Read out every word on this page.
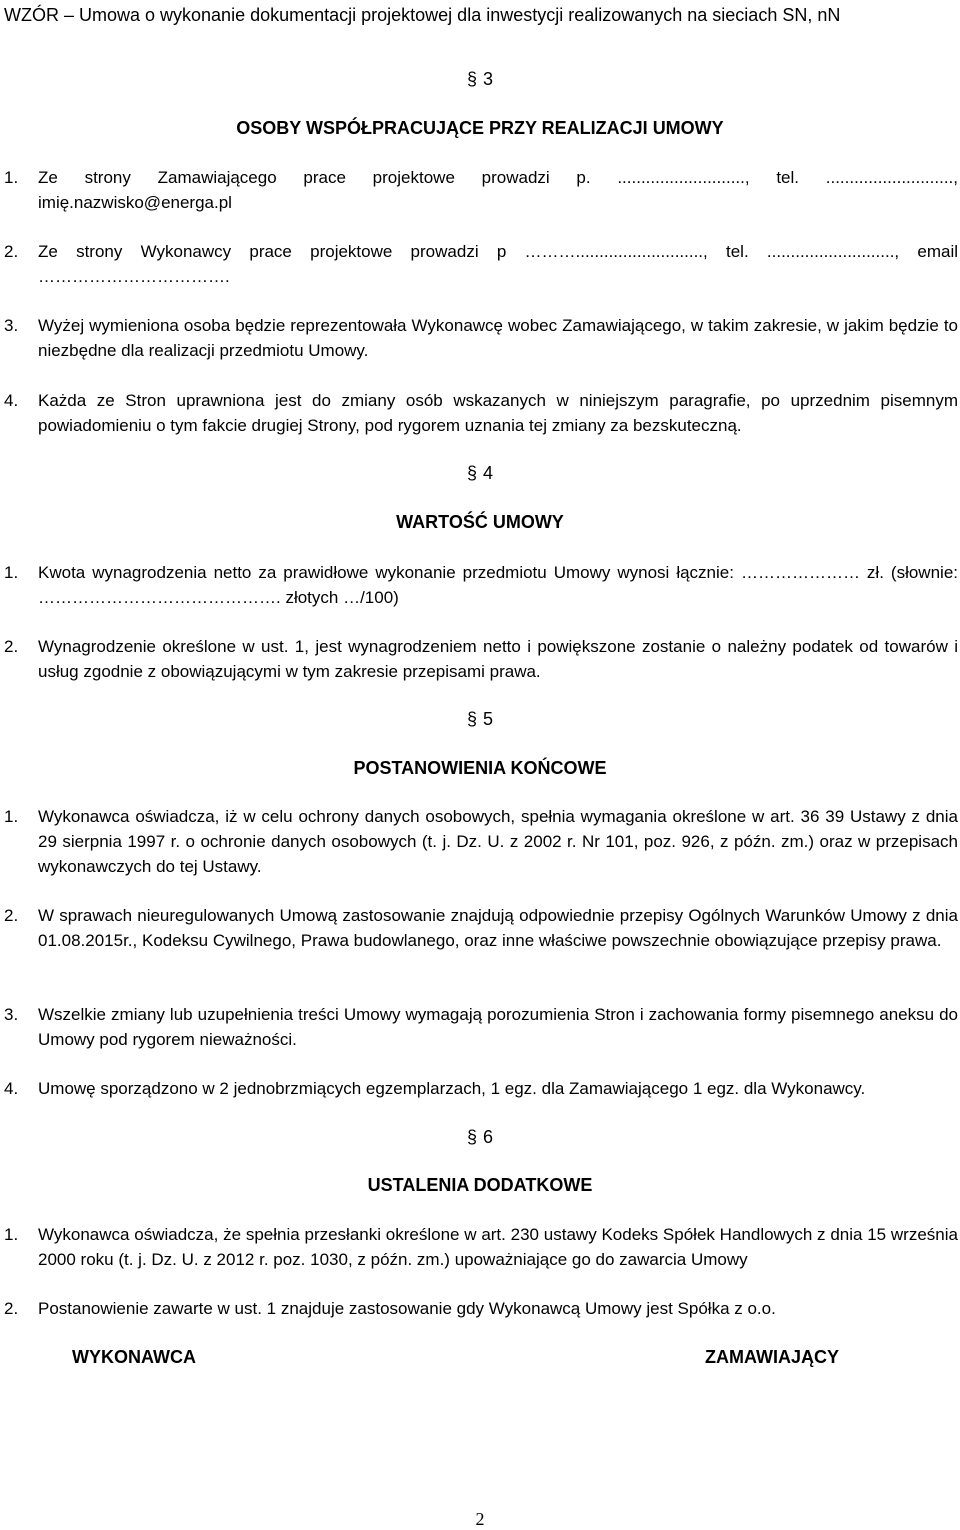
WZÓR – Umowa o wykonanie dokumentacji projektowej dla inwestycji realizowanych na sieciach SN, nN
§ 3
OSOBY WSPÓŁPRACUJĄCE PRZY REALIZACJI UMOWY
1. Ze strony Zamawiającego prace projektowe prowadzi p. ..........................., tel. ..........................., imię.nazwisko@energa.pl
2. Ze strony Wykonawcy prace projektowe prowadzi p ………..........................., tel. ..........................., email …………………………….
3. Wyżej wymieniona osoba będzie reprezentowała Wykonawcę wobec Zamawiającego, w takim zakresie, w jakim będzie to niezbędne dla realizacji przedmiotu Umowy.
4. Każda ze Stron uprawniona jest do zmiany osób wskazanych w niniejszym paragrafie, po uprzednim pisemnym powiadomieniu o tym fakcie drugiej Strony, pod rygorem uznania tej zmiany za bezskuteczną.
§ 4
WARTOŚĆ UMOWY
1. Kwota wynagrodzenia netto za prawidłowe wykonanie przedmiotu Umowy wynosi łącznie: ………………… zł. (słownie: ……………………………………. złotych …/100)
2. Wynagrodzenie określone w ust. 1, jest wynagrodzeniem netto i powiększone zostanie o należny podatek od towarów i usług zgodnie z obowiązującymi w tym zakresie przepisami prawa.
§ 5
POSTANOWIENIA KOŃCOWE
1. Wykonawca oświadcza, iż w celu ochrony danych osobowych, spełnia wymagania określone w art. 36 39 Ustawy z dnia 29 sierpnia 1997 r. o ochronie danych osobowych (t. j. Dz. U. z 2002 r. Nr 101, poz. 926, z późn. zm.) oraz w przepisach wykonawczych do tej Ustawy.
2. W sprawach nieuregulowanych Umową zastosowanie znajdują odpowiednie przepisy Ogólnych Warunków Umowy z dnia 01.08.2015r., Kodeksu Cywilnego, Prawa budowlanego, oraz inne właściwe powszechnie obowiązujące przepisy prawa.
3. Wszelkie zmiany lub uzupełnienia treści Umowy wymagają porozumienia Stron i zachowania formy pisemnego aneksu do Umowy pod rygorem nieważności.
4. Umowę sporządzono w 2 jednobrzmiących egzemplarzach, 1 egz. dla Zamawiającego 1 egz. dla Wykonawcy.
§ 6
USTALENIA DODATKOWE
1. Wykonawca oświadcza, że spełnia przesłanki określone w art. 230 ustawy Kodeks Spółek Handlowych z dnia 15 września 2000 roku (t. j. Dz. U. z 2012 r. poz. 1030, z późn. zm.) upoważniające go do zawarcia Umowy
2. Postanowienie zawarte w ust. 1 znajduje zastosowanie gdy Wykonawcą Umowy jest Spółka z o.o.
WYKONAWCA	ZAMAWIAJĄCY
2
